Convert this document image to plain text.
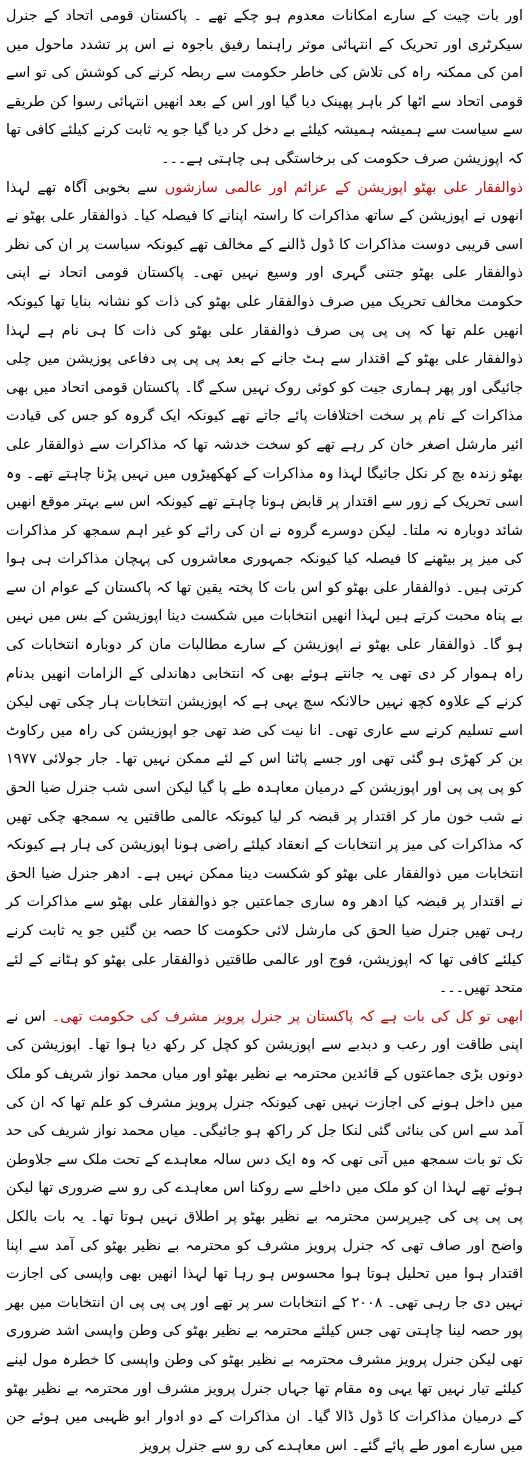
اور بات چیت کے سارے امکانات معدوم ہو چکے تھے ۔ پاکستان قومی اتحاد کے جنرل سیکرٹری اور تحریک کے انتہائی موثر راہنما رفیق باجوہ نے اس پر تشدد ماحول میں امن کی ممکنہ راہ کی تلاش کی خاطر حکومت سے ربطہ کرنے کی کوشش کی تو اسے قومی اتحاد سے اٹھا کر باہر پھینک دیا گیا اور اس کے بعد انھیں انتہائی رسوا کن طریقے سے سیاست سے ہمیشہ ہمیشہ کیلئے بے دخل کر دیا گیا جو یہ ثابت کرنے کیلئے کافی تھا کہ اپوزیشن صرف حکومت کی برخاستگی ہی چاہتی ہے۔۔۔

ذوالفقار علی بھٹو اپوزیشن کے عزائم اور عالمی سازشوں سے بخوبی آگاہ تھے لہذا انھوں نے اپوزیشن کے ساتھ مذاکرات کا راستہ اپنانے کا فیصلہ کیا۔ ذوالفقار علی بھٹو نے اسی قریبی دوست مذاکرات کا ڈول ڈالنے کے مخالف تھے کیونکہ سیاست پر ان کی نظر ذوالفقار علی بھٹو جتنی گہری اور وسیع نہیں تھی۔ پاکستان قومی اتحاد نے اپنی حکومت مخالف تحریک میں صرف ذوالفقار علی بھٹو کی ذات کو نشانہ بنایا تھا کیونکہ انھیں علم تھا کہ پی پی پی صرف ذوالفقار علی بھٹو کی ذات کا ہی نام ہے لہذا ذوالفقار علی بھٹو کے اقتدار سے ہٹ جانے کے بعد پی پی پی دفاعی پوزیشن میں چلی جائیگی اور پھر ہماری جیت کو کوئی روک نہیں سکے گا۔ پاکستان قومی اتحاد میں بھی مذاکرات کے نام پر سخت اختلافات پائے جاتے تھے کیونکہ ایک گروہ کو جس کی قیادت ائیر مارشل اصغر خان کر رہے تھے کو سخت خدشہ تھا کہ مذاکرات سے ذوالفقار علی بھٹو زندہ بچ کر نکل جائیگا لہذا وہ مذاکرات کے کھکھیڑوں میں نہیں پڑنا چاہتے تھے۔ وہ اسی تحریک کے زور سے اقتدار پر قابض ہونا چاہتے تھے کیونکہ اس سے بہتر موقع انھیں شائد دوبارہ نہ ملتا۔ لیکن دوسرے گروہ نے ان کی رائے کو غیر اہم سمجھ کر مذاکرات کی میز پر بیٹھنے کا فیصلہ کیا کیونکہ جمہوری معاشروں کی پہچان مذاکرات ہی ہوا کرتی ہیں۔ ذوالفقار علی بھٹو کو اس بات کا پختہ یقین تھا کہ پاکستان کے عوام ان سے بے پناہ محبت کرتے ہیں لہذا انھیں انتخابات میں شکست دینا اپوزیشن کے بس میں نہیں ہو گا۔ ذوالفقار علی بھٹو نے اپوزیشن کے سارے مطالبات مان کر دوبارہ انتخابات کی راہ ہموار کر دی تھی یہ جانتے ہوئے بھی کہ انتخابی دھاندلی کے الزامات انھیں بدنام کرنے کے علاوہ کچھ نہیں حالانکہ سچ یہی ہے کہ اپوزیشن انتخابات ہار چکی تھی لیکن اسے تسلیم کرنے سے عاری تھی۔ انا نیت کی ضد تھی جو اپوزیشن کی راہ میں رکاوٹ بن کر کھڑی ہو گئی تھی اور جسے پاٹنا اس کے لئے ممکن نہیں تھا۔ جار جولائی ۱۹۷۷ کو پی پی پی اور اپوزیشن کے درمیان معاہدہ طے پا گیا لیکن اسی شب جنرل ضیا الحق نے شب خون مار کر اقتدار پر قبضہ کر لیا کیونکہ عالمی طاقتیں یہ سمجھ چکی تھیں کہ مذاکرات کی میز پر انتخابات کے انعقاد کیلئے راضی ہونا اپوزیشن کی ہار ہے کیونکہ انتخابات میں ذوالفقار علی بھٹو کو شکست دینا ممکن نہیں ہے۔ ادھر جنرل ضیا الحق نے اقتدار پر قبضہ کیا ادھر وہ ساری جماعتیں جو ذوالفقار علی بھٹو سے مذاکرات کر رہی تھیں جنرل ضیا الحق کی مارشل لائی حکومت کا حصہ بن گئیں جو یہ ثابت کرنے کیلئے کافی تھا کہ اپوزیشن، فوج اور عالمی طاقتیں ذوالفقار علی بھٹو کو ہٹانے کے لئے متحد تھیں۔۔۔

ابھی تو کل کی بات ہے کہ پاکستان پر جنرل پرویز مشرف کی حکومت تھی۔ اس نے اپنی طاقت اور رعب و دبدبے سے اپوزیشن کو کچل کر رکھ دیا ہوا تھا۔ اپوزیشن کی دونوں بڑی جماعتوں کے قائدین محترمہ بے نظیر بھٹو اور میاں محمد نواز شریف کو ملک میں داخل ہونے کی اجازت نہیں تھی کیونکہ جنرل پرویز مشرف کو علم تھا کہ ان کی آمد سے اس کی بنائی گئی لنکا جل کر راکھ ہو جائیگی۔ میاں محمد نواز شریف کی حد تک تو بات سمجھ میں آتی تھی کہ وہ ایک دس سالہ معاہدے کے تحت ملک سے جلاوطن ہوئے تھے لہذا ان کو ملک میں داخلے سے روکنا اس معاہدے کی رو سے ضروری تھا لیکن پی پی پی کی چیرپرسن محترمہ بے نظیر بھٹو پر اطلاق نہیں ہوتا تھا۔ یہ بات بالکل واضح اور صاف تھی کہ جنرل پرویز مشرف کو محترمہ بے نظیر بھٹو کی آمد سے اپنا اقتدار ہوا میں تحلیل ہوتا ہوا محسوس ہو رہا تھا لہذا انھیں بھی واپسی کی اجازت نہیں دی جا رہی تھی۔ ۲۰۰۸ کے انتخابات سر پر تھے اور پی پی پی ان انتخابات میں بھر پور حصہ لینا چاہتی تھی جس کیلئے محترمہ بے نظیر بھٹو کی وطن واپسی اشد ضروری تھی لیکن جنرل پرویز مشرف محترمہ بے نظیر بھٹو کی وطن واپسی کا خطرہ مول لینے کیلئے تیار نہیں تھا یہی وہ مقام تھا جہاں جنرل پرویز مشرف اور محترمہ بے نظیر بھٹو کے درمیان مذاکرات کا ڈول ڈالا گیا۔ ان مذاکرات کے دو ادوار ابو ظہبی میں ہوئے جن میں سارے امور طے پائے گئے۔ اس معاہدے کی رو سے جنرل پرویز
